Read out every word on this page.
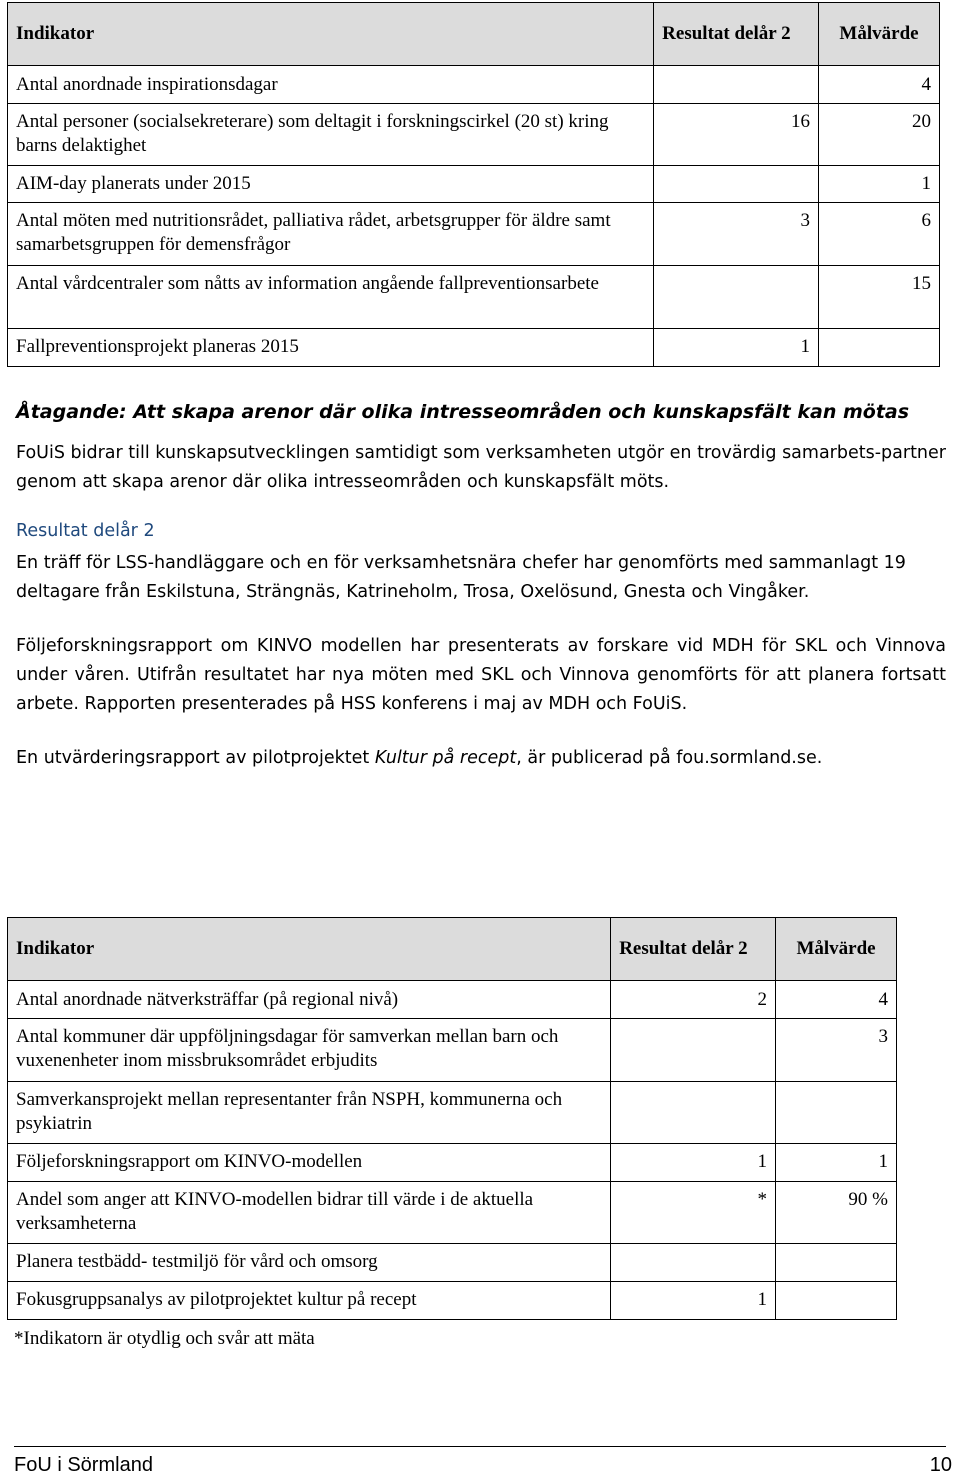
Indikator	Resultat delår 2	Målvärde
Antal anordnade inspirationsdagar		4
Antal personer (socialsekreterare) som deltagit i forskningscirkel (20 st) kring barns delaktighet	16	20
AIM-day planerats under 2015		1
Antal möten med nutritionsrådet, palliativa rådet, arbetsgrupper för äldre samt samarbetsgruppen för demensfrågor	3	6
Antal vårdcentraler som nåtts av information angående fallpreventionsarbete		15
Fallpreventionsprojekt planeras 2015	1	

Åtagande: Att skapa arenor där olika intresseområden och kunskapsfält kan mötas

FoUiS bidrar till kunskapsutvecklingen samtidigt som verksamheten utgör en trovärdig samarbets-partner genom att skapa arenor där olika intresseområden och kunskapsfält möts.

Resultat delår 2

En träff för LSS-handläggare och en för verksamhetsnära chefer har genomförts med sammanlagt 19 deltagare från Eskilstuna, Strängnäs, Katrineholm, Trosa, Oxelösund, Gnesta och Vingåker.

Följeforskningsrapport om KINVO modellen har presenterats av forskare vid MDH för SKL och Vinnova under våren. Utifrån resultatet har nya möten med SKL och Vinnova genomförts för att planera fortsatt arbete. Rapporten presenterades på HSS konferens i maj av MDH och FoUiS.

En utvärderingsrapport av pilotprojektet Kultur på recept, är publicerad på fou.sormland.se.

Indikator	Resultat delår 2	Målvärde
Antal anordnade nätverksträffar (på regional nivå)	2	4
Antal kommuner där uppföljningsdagar för samverkan mellan barn och vuxenenheter inom missbruksområdet erbjudits		3
Samverkansprojekt mellan representanter från NSPH, kommunerna och psykiatrin		
Följeforskningsrapport om KINVO-modellen	1	1
Andel som anger att KINVO-modellen bidrar till värde i de aktuella verksamheterna	*	90 %
Planera testbädd- testmiljö för vård och omsorg		
Fokusgruppsanalys av pilotprojektet kultur på recept	1	
*Indikatorn är otydlig och svår att mäta
FoU i Sörmland	10
